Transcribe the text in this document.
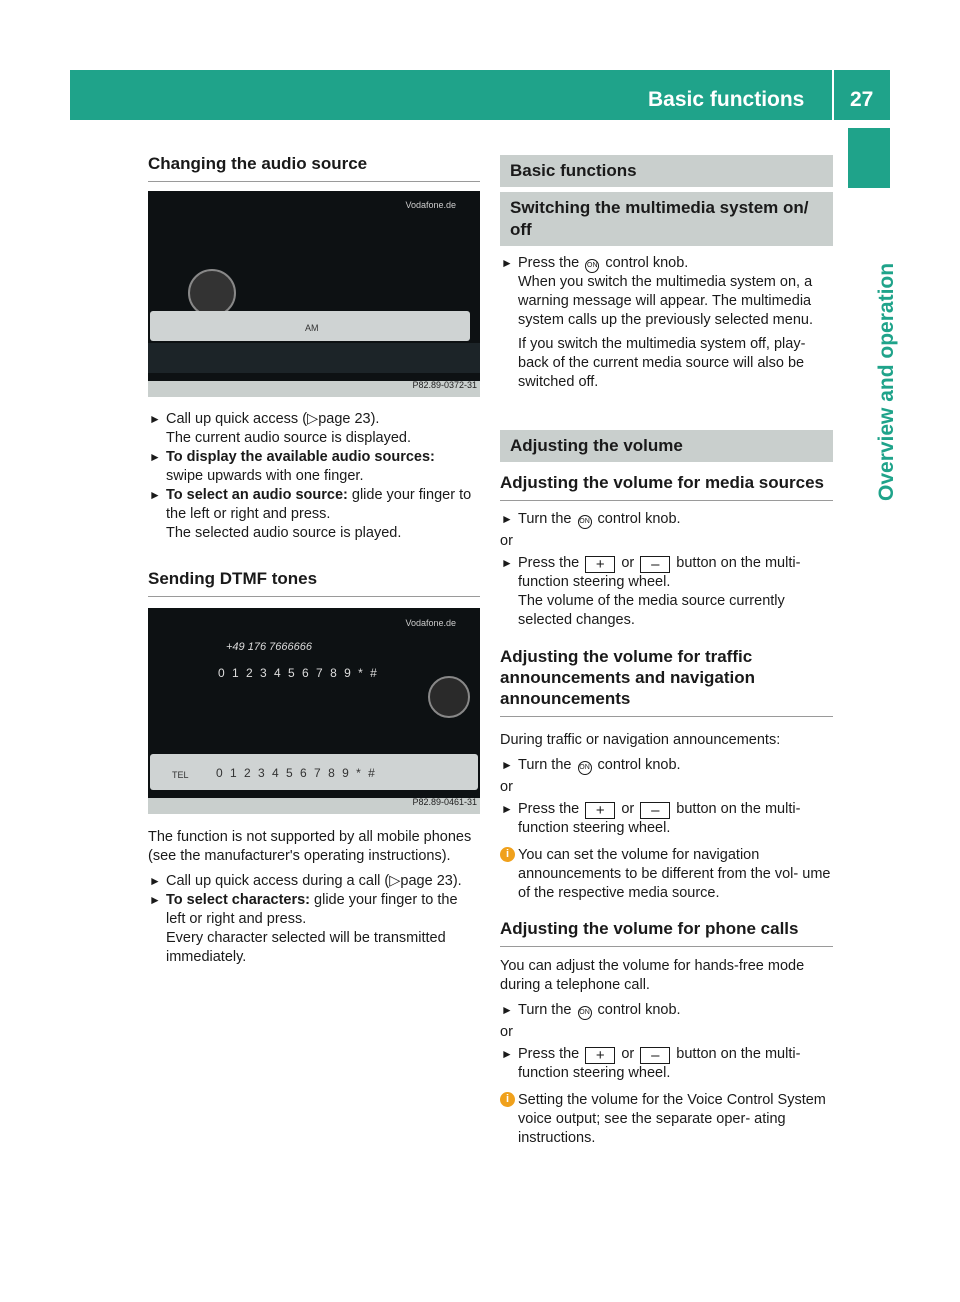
Basic functions 27
Overview and operation
Changing the audio source
Vodafone.de
AM
P82.89-0372-31

► Call up quick access (▷page 23).
The current audio source is displayed.

► To display the available audio sources:
swipe upwards with one finger.

► To select an audio source: glide your finger to the left or right and press.
The selected audio source is played.

Sending DTMF tones
Vodafone.de
+49 176 7666666
0 1 2 3 4 5 6 7 8 9 * #
TEL 0 1 2 3 4 5 6 7 8 9 * #
P82.89-0461-31

The function is not supported by all mobile phones (see the manufacturer's operating instructions).

► Call up quick access during a call (▷page 23).

► To select characters: glide your finger to the left or right and press.
Every character selected will be transmitted immediately.

Basic functions
Switching the multimedia system on/ off

► Press the ON control knob.
When you switch the multimedia system on, a warning message will appear. The multimedia system calls up the previously selected menu.

If you switch the multimedia system off, play- back of the current media source will also be switched off.

Adjusting the volume
Adjusting the volume for media sources

► Turn the ON control knob.

or

► Press the + or – button on the multi- function steering wheel.
The volume of the media source currently selected changes.

Adjusting the volume for traffic announcements and navigation announcements

During traffic or navigation announcements:

► Turn the ON control knob.

or

► Press the + or – button on the multi- function steering wheel.

i You can set the volume for navigation announcements to be different from the vol- ume of the respective media source.

Adjusting the volume for phone calls

You can adjust the volume for hands-free mode during a telephone call.

► Turn the ON control knob.

or

► Press the + or – button on the multi- function steering wheel.

i Setting the volume for the Voice Control System voice output; see the separate oper- ating instructions.
